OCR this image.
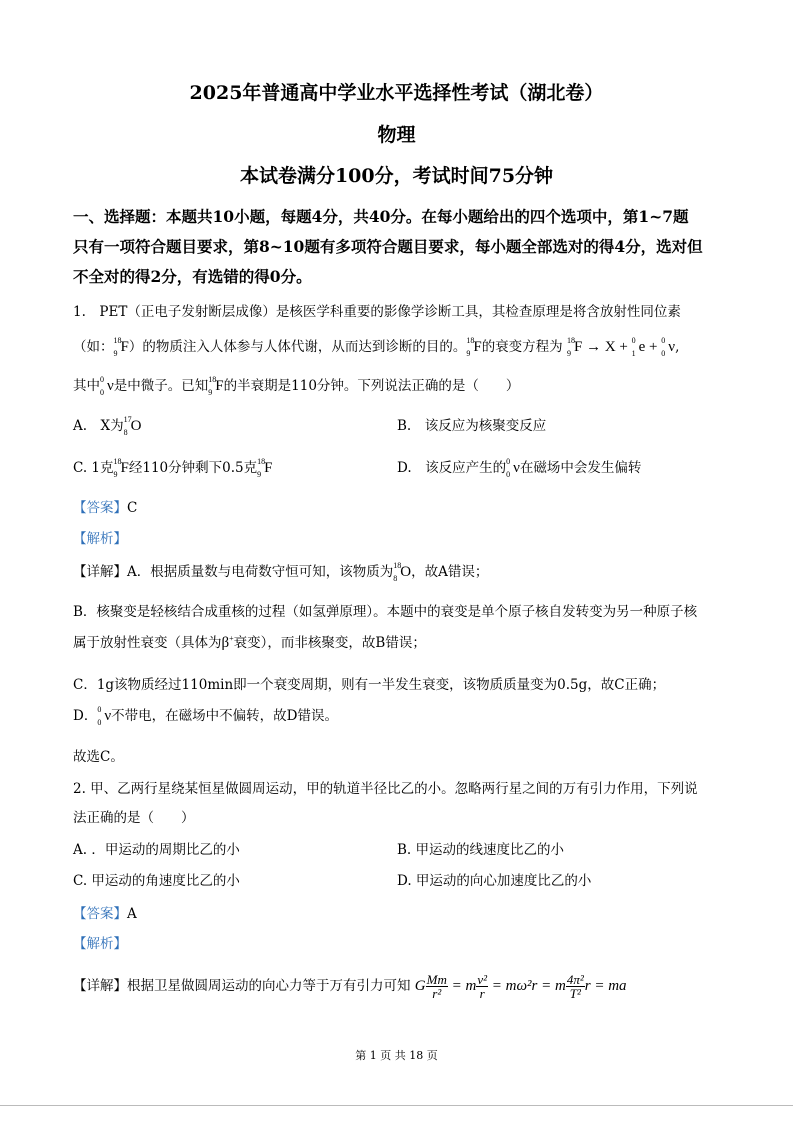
2025年普通高中学业水平选择性考试（湖北卷）
物理
本试卷满分100分，考试时间75分钟
一、选择题：本题共10小题，每题4分，共40分。在每小题给出的四个选项中，第1~7题
只有一项符合题目要求，第8~10题有多项符合题目要求，每小题全部选对的得4分，选对但
不全对的得2分，有选错的得0分。
1.　PET（正电子发射断层成像）是核医学科重要的影像学诊断工具，其检查原理是将含放射性同位素
（如： 18
9 F）的物质注入人体参与人体代谢，从而达到诊断的目的。 18
9 F的衰变方程为 18
9 F → X + 0
1 e + 0
0 ν,
其中 0
0 ν是中微子。已知 18
9 F的半衰期是110分钟。下列说法正确的是（　　）
A.　X为 17
8 O	B.　该反应为核聚变反应
C. 1克 18
9 F经110分钟剩下0.5克 18
9 F	D.　该反应产生的 0
0 ν在磁场中会发生偏转
【答案】C
【解析】
【详解】A．根据质量数与电荷数守恒可知，该物质为 18
8 O，故A错误；
B．核聚变是轻核结合成重核的过程（如氢弹原理）。本题中的衰变是单个原子核自发转变为另一种原子核
属于放射性衰变（具体为β+衰变），而非核聚变，故B错误；
C．1g该物质经过110min即一个衰变周期，则有一半发生衰变，该物质质量变为0.5g，故C正确；
D． 0
0 ν不带电，在磁场中不偏转，故D错误。
故选C。
2. 甲、乙两行星绕某恒星做圆周运动，甲的轨道半径比乙的小。忽略两行星之间的万有引力作用，下列说
法正确的是（　　）
A. ．甲运动的周期比乙的小	B. 甲运动的线速度比乙的小
C. 甲运动的角速度比乙的小	D. 甲运动的向心加速度比乙的小
【答案】A
【解析】
【详解】根据卫星做圆周运动的向心力等于万有引力可知 G $\frac{Mm}{\text{r²}} = m \frac{\text{v²}}{r} = m\omega^2r = m \frac{\text{4π²}}{\text{T²}}$ r = ma
第 1 页 共 18 页
